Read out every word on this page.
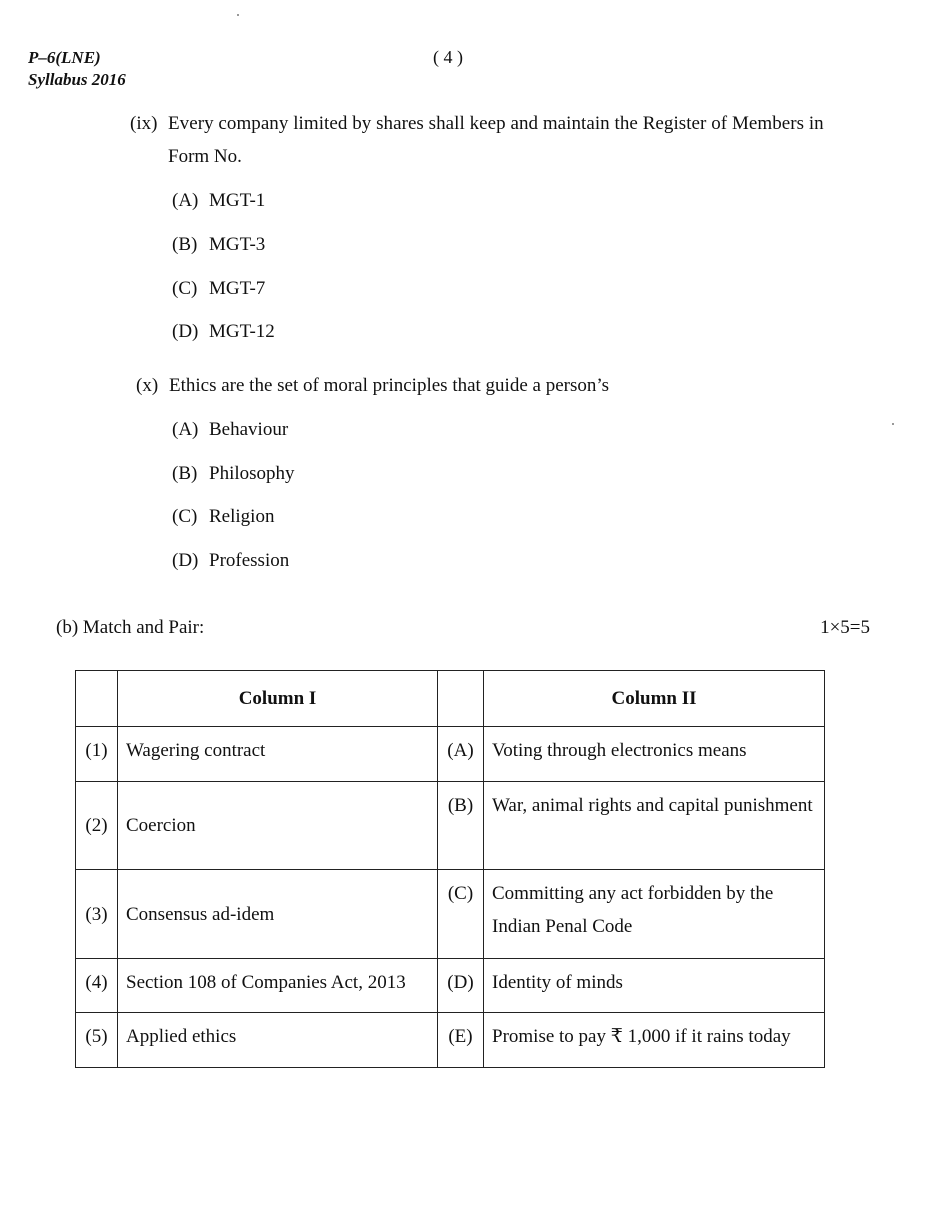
P–6(LNE)
Syllabus 2016
( 4 )
(ix) Every company limited by shares shall keep and maintain the Register of Members in
Form No.
(A) MGT-1
(B) MGT-3
(C) MGT-7
(D) MGT-12
(x) Ethics are the set of moral principles that guide a person’s
(A) Behaviour
(B) Philosophy
(C) Religion
(D) Profession
(b) Match and Pair:	1×5=5
	Column I		Column II
(1)	Wagering contract	(A)	Voting through electronics means
(2)	Coercion	(B)	War, animal rights and capital punishment
(3)	Consensus ad-idem	(C)	Committing any act forbidden by the Indian Penal Code
(4)	Section 108 of Companies Act, 2013	(D)	Identity of minds
(5)	Applied ethics	(E)	Promise to pay ₹ 1,000 if it rains today
